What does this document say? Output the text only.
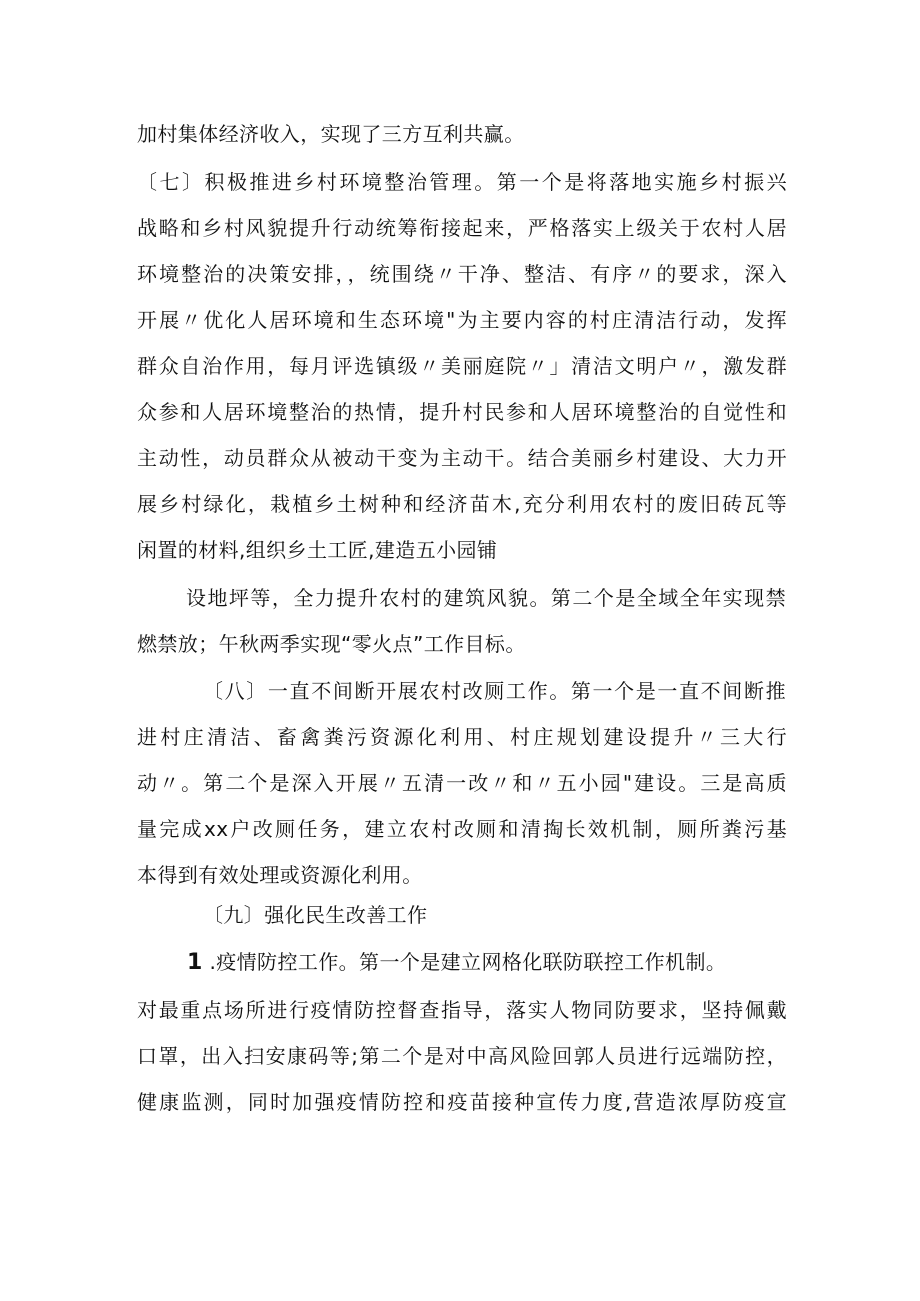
加村集体经济收入，实现了三方互利共赢。
〔七〕积极推进乡村环境整治管理。第一个是将落地实施乡村振兴
战略和乡村风貌提升行动统筹衔接起来，严格落实上级关于农村人居
环境整治的决策安排，，统围绕〃干净、整洁、有序〃的要求，深入
开展〃优化人居环境和生态环境"为主要内容的村庄清洁行动，发挥
群众自治作用，每月评选镇级〃美丽庭院〃」清洁文明户〃，激发群
众参和人居环境整治的热情，提升村民参和人居环境整治的自觉性和
主动性，动员群众从被动干变为主动干。结合美丽乡村建设、大力开
展乡村绿化，栽植乡土树种和经济苗木,充分利用农村的废旧砖瓦等
闲置的材料,组织乡土工匠,建造五小园铺
设地坪等，全力提升农村的建筑风貌。第二个是全域全年实现禁
燃禁放；午秋两季实现“零火点”工作目标。
〔八〕一直不间断开展农村改厕工作。第一个是一直不间断推
进村庄清洁、畜禽粪污资源化利用、村庄规划建设提升〃三大行
动〃。第二个是深入开展〃五清一改〃和〃五小园"建设。三是高质
量完成xx户改厕任务，建立农村改厕和清掏长效机制，厕所粪污基
本得到有效处理或资源化利用。
〔九〕强化民生改善工作
1 .疫情防控工作。第一个是建立网格化联防联控工作机制。
对最重点场所进行疫情防控督查指导，落实人物同防要求，坚持佩戴
口罩，出入扫安康码等;第二个是对中高风险回郭人员进行远端防控，
健康监测，同时加强疫情防控和疫苗接种宣传力度,营造浓厚防疫宣
